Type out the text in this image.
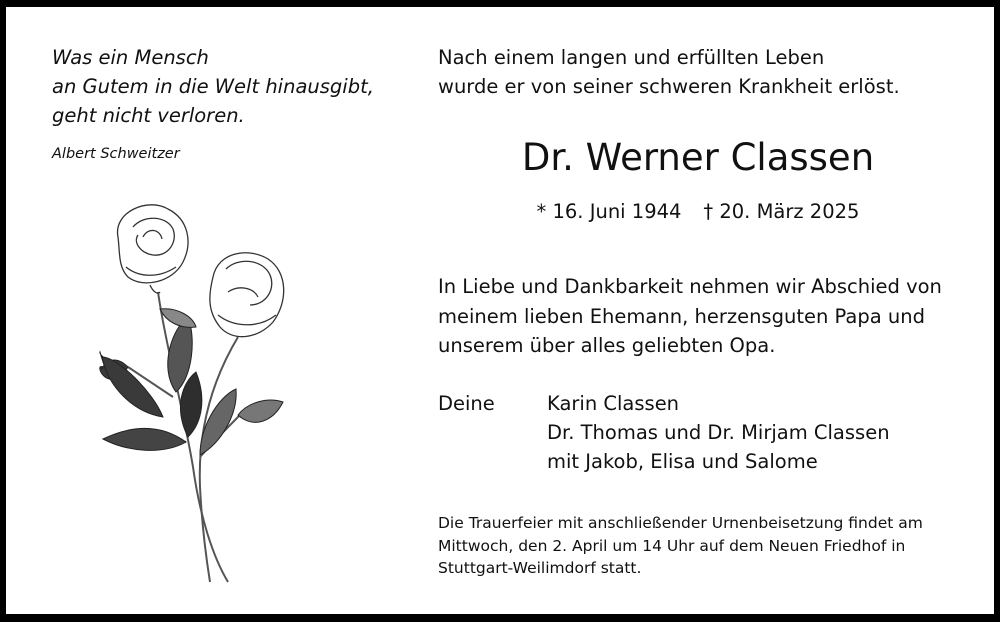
Was ein Mensch
an Gutem in die Welt hinausgibt,
geht nicht verloren.
Albert Schweitzer
Nach einem langen und erfüllten Leben
wurde er von seiner schweren Krankheit erlöst.
Dr. Werner Classen
* 16. Juni 1944 † 20. März 2025
In Liebe und Dankbarkeit nehmen wir Abschied von
meinem lieben Ehemann, herzensguten Papa und
unserem über alles geliebten Opa.
Deine	Karin Classen
Dr. Thomas und Dr. Mirjam Classen
mit Jakob, Elisa und Salome
Die Trauerfeier mit anschließender Urnenbeisetzung findet am
Mittwoch, den 2. April um 14 Uhr auf dem Neuen Friedhof in
Stuttgart-Weilimdorf statt.
